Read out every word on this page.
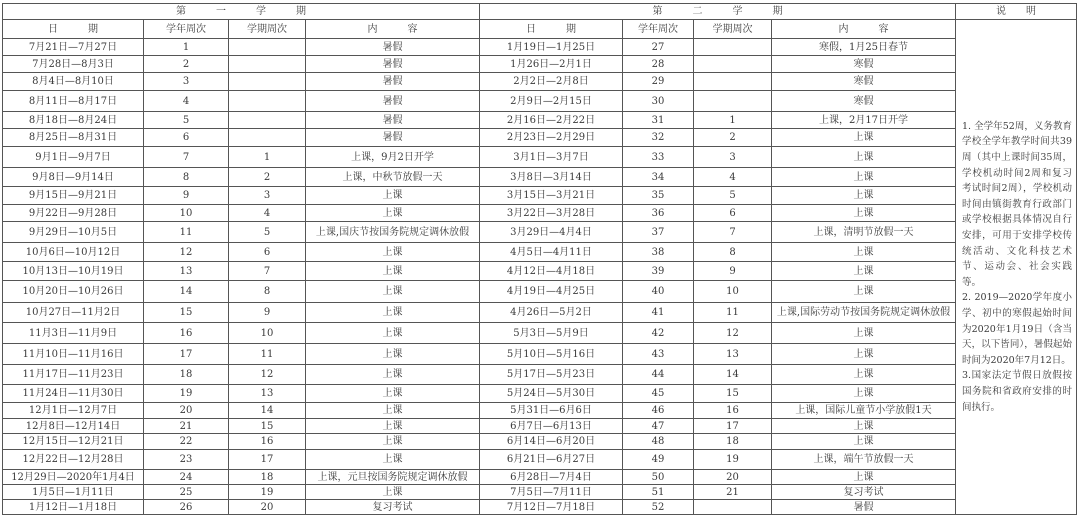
第　　　一　　　学　　　期				第　　　二　　　学　　　期				说　　明
日　　　期	学年周次	学期周次	内　　　容	日　　　期	学年周次	学期周次	内　　　容	1. 全学年52周，义务教育学校全学年教学时间共39周（其中上课时间35周，学校机动时间2周和复习考试时间2周），学校机动时间由镇街教育行政部门或学校根据具体情况自行安排，可用于安排学校传统活动、文化科技艺术节、运动会、社会实践等。
2. 2019—2020学年度小学、初中的寒假起始时间为2020年1月19日（含当天，以下皆同），暑假起始时间为2020年7月12日。
3.国家法定节假日放假按国务院和省政府安排的时间执行。

7月21日—7月27日	1		暑假	1月19日—1月25日	27		寒假，1月25日春节	
7月28日—8月3日	2		暑假	1月26日—2月1日	28		寒假	
8月4日—8月10日	3		暑假	2月2日—2月8日	29		寒假	
8月11日—8月17日	4		暑假	2月9日—2月15日	30		寒假	
8月18日—8月24日	5		暑假	2月16日—2月22日	31	1	上课，2月17日开学	
8月25日—8月31日	6		暑假	2月23日—2月29日	32	2	上课	
9月1日—9月7日	7	1	上课，9月2日开学	3月1日—3月7日	33	3	上课	
9月8日—9月14日	8	2	上课，中秋节放假一天	3月8日—3月14日	34	4	上课	
9月15日—9月21日	9	3	上课	3月15日—3月21日	35	5	上课	
9月22日—9月28日	10	4	上课	3月22日—3月28日	36	6	上课	
9月29日—10月5日	11	5	上课,国庆节按国务院规定调休放假	3月29日—4月4日	37	7	上课，清明节放假一天	
10月6日—10月12日	12	6	上课	4月5日—4月11日	38	8	上课	
10月13日—10月19日	13	7	上课	4月12日—4月18日	39	9	上课	
10月20日—10月26日	14	8	上课	4月19日—4月25日	40	10	上课	
10月27日—11月2日	15	9	上课	4月26日—5月2日	41	11	上课,国际劳动节按国务院规定调休放假	
11月3日—11月9日	16	10	上课	5月3日—5月9日	42	12	上课	
11月10日—11月16日	17	11	上课	5月10日—5月16日	43	13	上课	
11月17日—11月23日	18	12	上课	5月17日—5月23日	44	14	上课	
11月24日—11月30日	19	13	上课	5月24日—5月30日	45	15	上课	
12月1日—12月7日	20	14	上课	5月31日—6月6日	46	16	上课，国际儿童节小学放假1天	
12月8日—12月14日	21	15	上课	6月7日—6月13日	47	17	上课	
12月15日—12月21日	22	16	上课	6月14日—6月20日	48	18	上课	
12月22日—12月28日	23	17	上课	6月21日—6月27日	49	19	上课，端午节放假一天	
12月29日—2020年1月4日	24	18	上课，元旦按国务院规定调休放假	6月28日—7月4日	50	20	上课	
1月5日—1月11日	25	19	上课	7月5日—7月11日	51	21	复习考试	
1月12日—1月18日	26	20	复习考试	7月12日—7月18日	52		暑假	
